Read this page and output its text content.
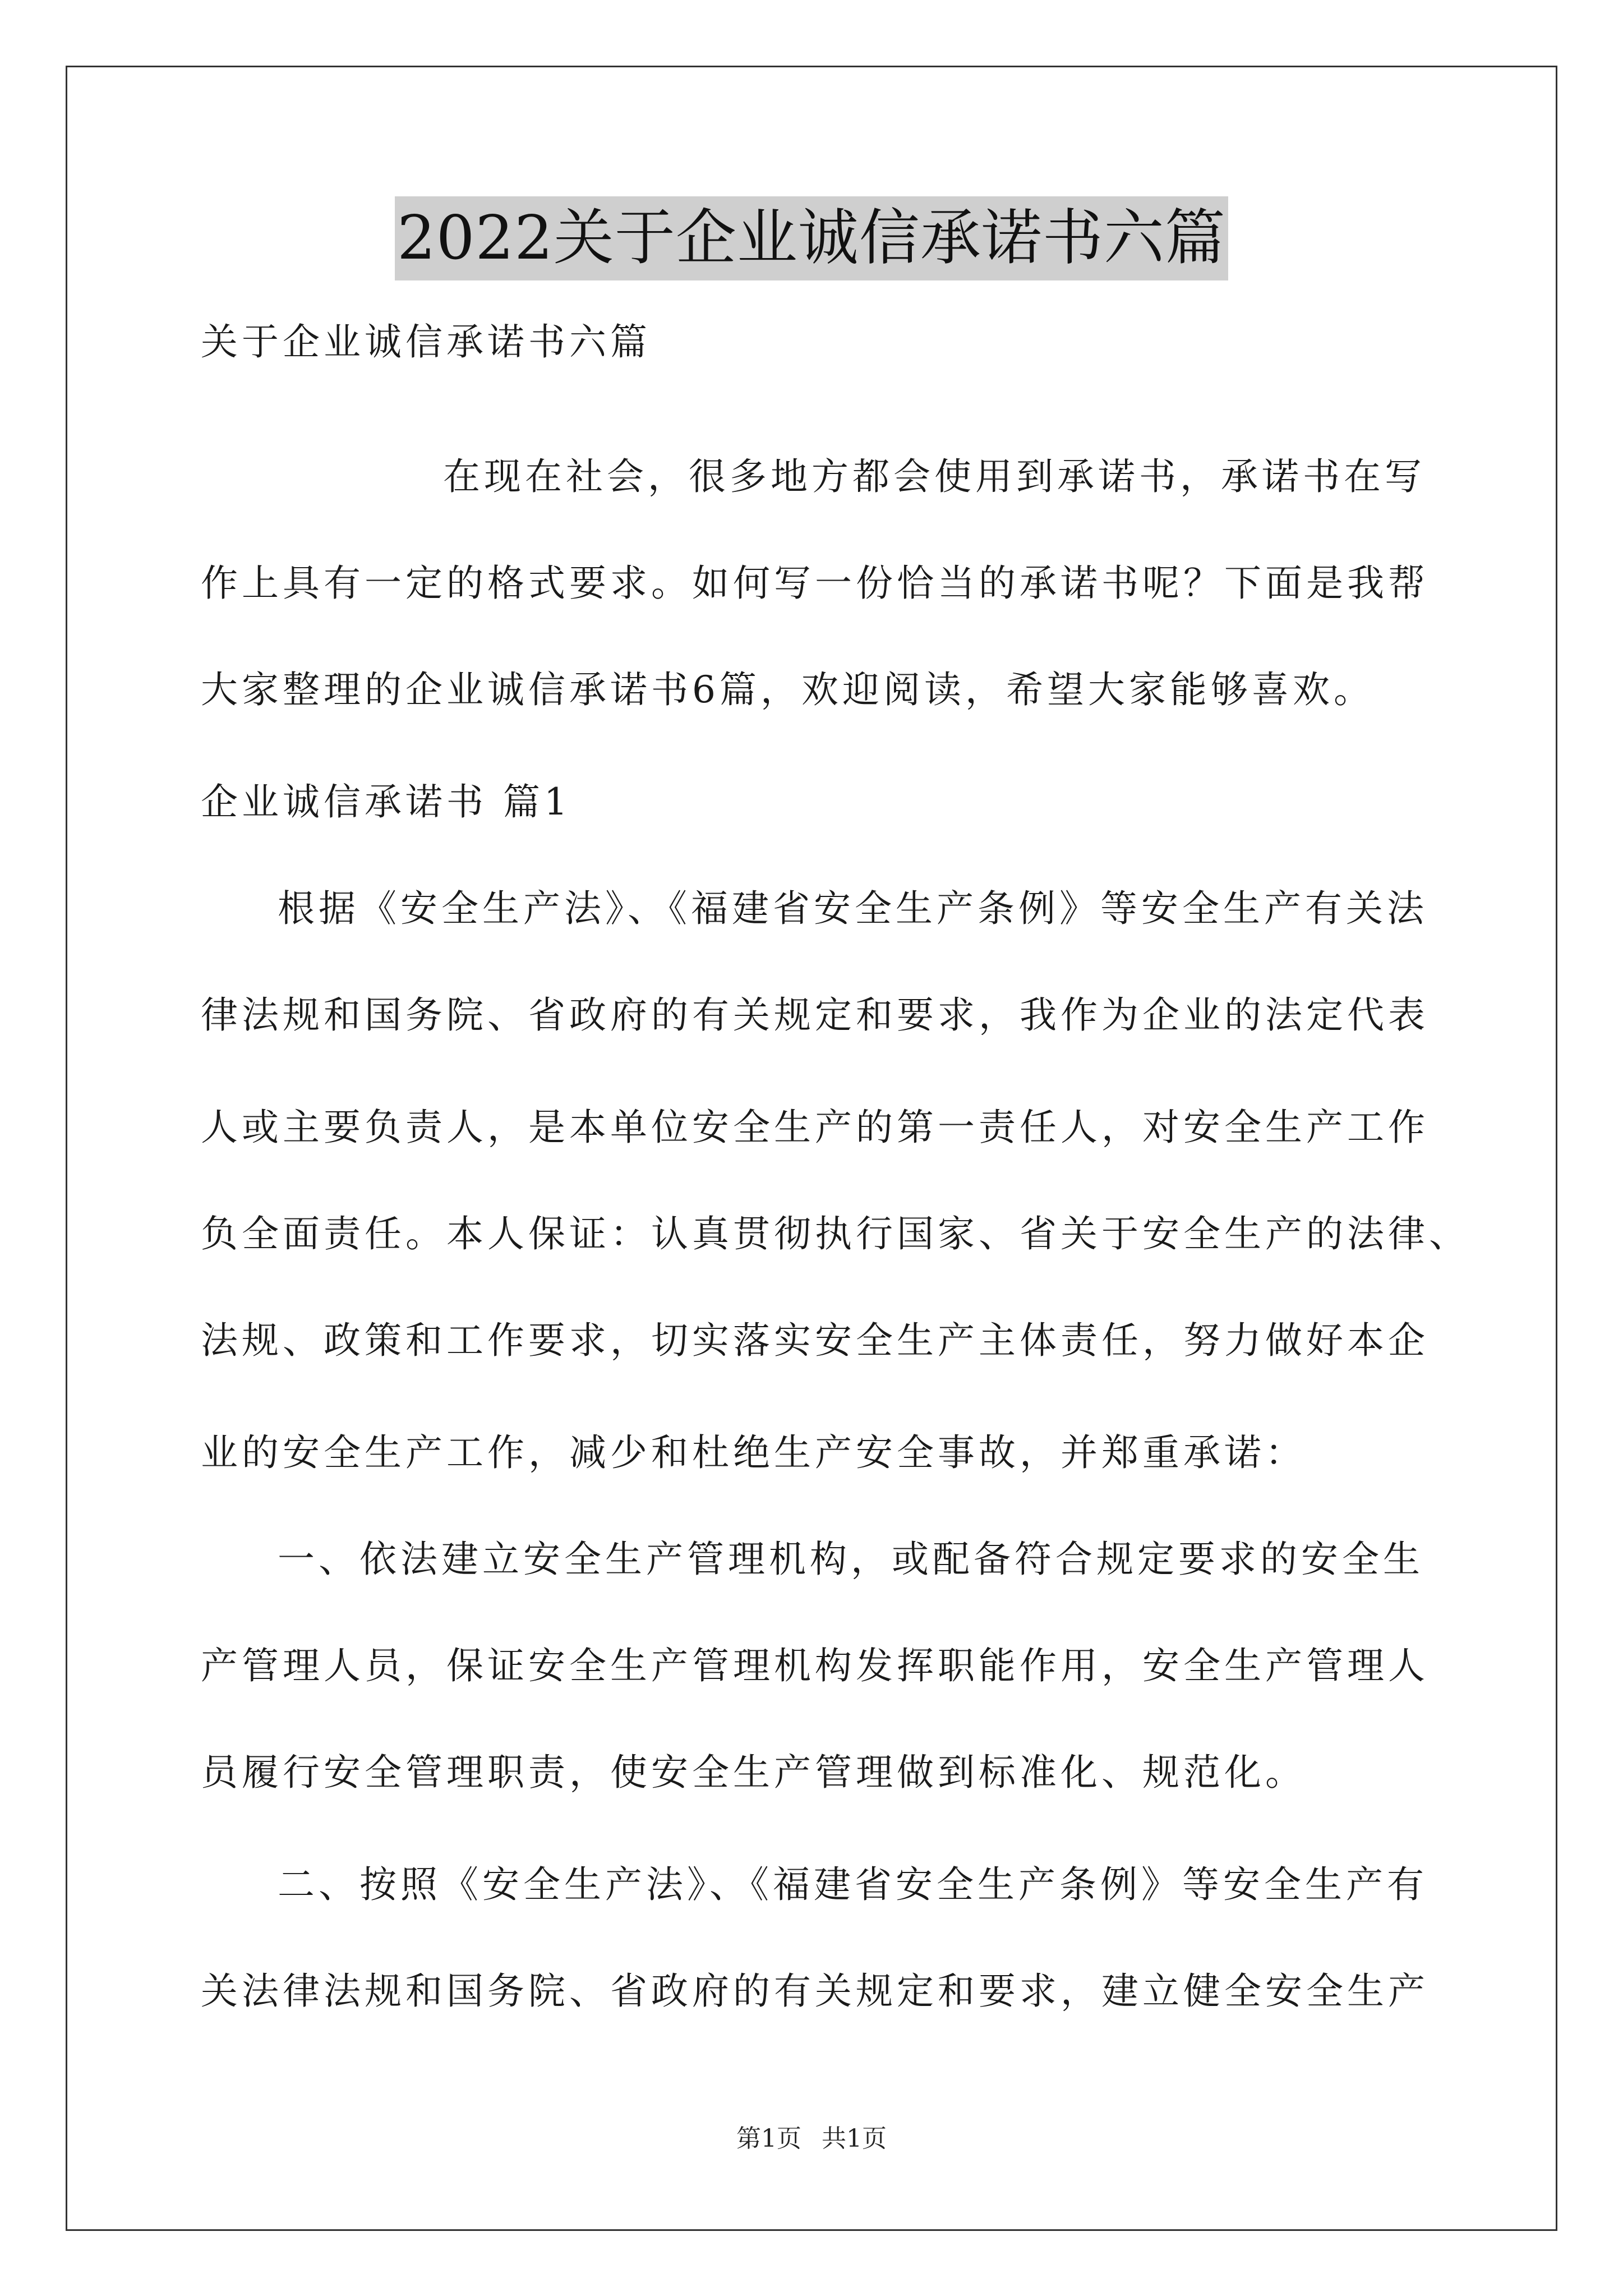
2022关于企业诚信承诺书六篇
关于企业诚信承诺书六篇
在现在社会，很多地方都会使用到承诺书，承诺书在写
作上具有一定的格式要求。如何写一份恰当的承诺书呢？下面是我帮
大家整理的企业诚信承诺书6篇，欢迎阅读，希望大家能够喜欢。
企业诚信承诺书 篇1
根据《安全生产法》、《福建省安全生产条例》等安全生产有关法
律法规和国务院、省政府的有关规定和要求，我作为企业的法定代表
人或主要负责人，是本单位安全生产的第一责任人，对安全生产工作
负全面责任。本人保证：认真贯彻执行国家、省关于安全生产的法律、
法规、政策和工作要求，切实落实安全生产主体责任，努力做好本企
业的安全生产工作，减少和杜绝生产安全事故，并郑重承诺：
一、依法建立安全生产管理机构，或配备符合规定要求的安全生
产管理人员，保证安全生产管理机构发挥职能作用，安全生产管理人
员履行安全管理职责，使安全生产管理做到标准化、规范化。
二、按照《安全生产法》、《福建省安全生产条例》等安全生产有
关法律法规和国务院、省政府的有关规定和要求，建立健全安全生产
第1页 共1页
